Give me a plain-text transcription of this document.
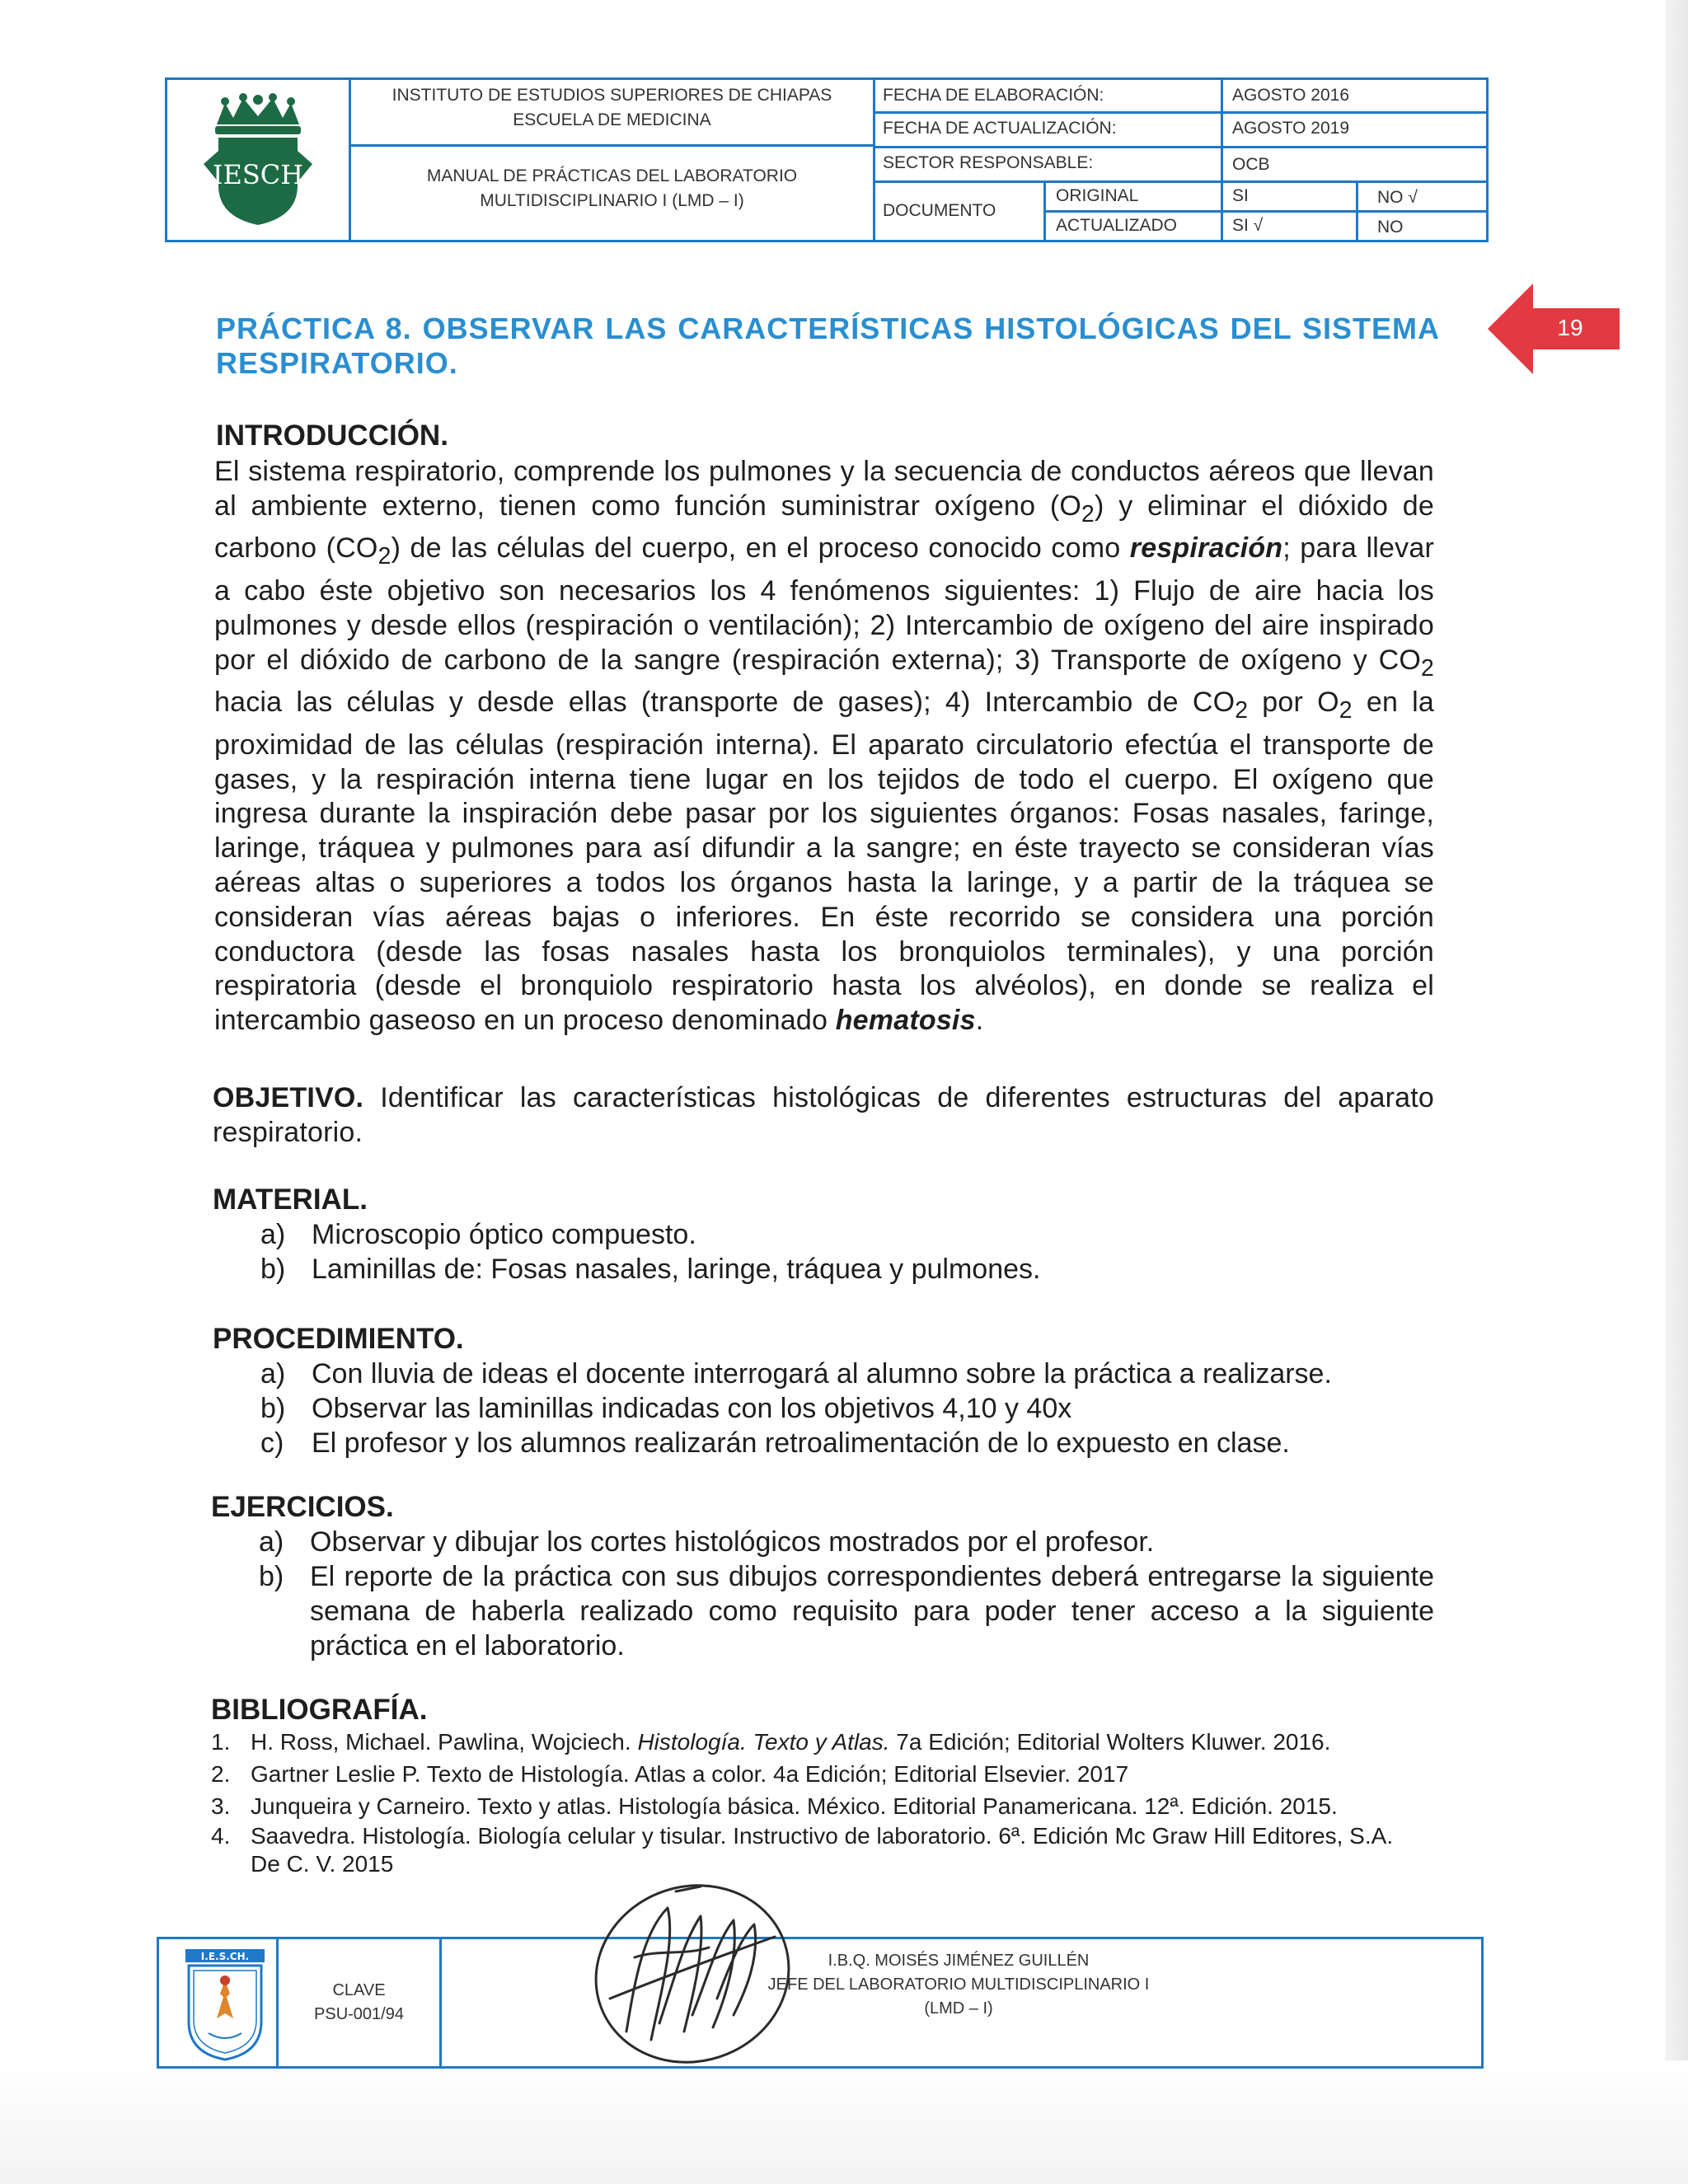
IESCH
INSTITUTO DE ESTUDIOS SUPERIORES DE CHIAPAS
ESCUELA DE MEDICINA
MANUAL DE PRÁCTICAS DEL LABORATORIO
MULTIDISCIPLINARIO I (LMD – I)
FECHA DE ELABORACIÓN:	AGOSTO 2016
FECHA DE ACTUALIZACIÓN:	AGOSTO 2019
SECTOR RESPONSABLE:	OCB
DOCUMENTO
ORIGINAL	SI	NO √
ACTUALIZADO	SI √	NO
19
PRÁCTICA 8. OBSERVAR LAS CARACTERÍSTICAS HISTOLÓGICAS DEL SISTEMA
RESPIRATORIO.
INTRODUCCIÓN.
El sistema respiratorio, comprende los pulmones y la secuencia de conductos aéreos que llevan al ambiente externo, tienen como función suministrar oxígeno $(O_2)$ y eliminar el dióxido de carbono $(CO_2)$ de las células del cuerpo, en el proceso conocido como respiración; para llevar a cabo éste objetivo son necesarios los 4 fenómenos siguientes: 1) Flujo de aire hacia los pulmones y desde ellos (respiración o ventilación); 2) Intercambio de oxígeno del aire inspirado por el dióxido de carbono de la sangre (respiración externa); 3) Transporte de oxígeno y $CO_2$ hacia las células y desde ellas (transporte de gases); 4) Intercambio de $CO_2$ por $O_2$ en la proximidad de las células (respiración interna). El aparato circulatorio efectúa el transporte de gases, y la respiración interna tiene lugar en los tejidos de todo el cuerpo. El oxígeno que ingresa durante la inspiración debe pasar por los siguientes órganos: Fosas nasales, faringe, laringe, tráquea y pulmones para así difundir a la sangre; en éste trayecto se consideran vías aéreas altas o superiores a todos los órganos hasta la laringe, y a partir de la tráquea se consideran vías aéreas bajas o inferiores. En éste recorrido se considera una porción conductora (desde las fosas nasales hasta los bronquiolos terminales), y una porción respiratoria (desde el bronquiolo respiratorio hasta los alvéolos), en donde se realiza el intercambio gaseoso en un proceso denominado hematosis.
OBJETIVO. Identificar las características histológicas de diferentes estructuras del aparato respiratorio.
MATERIAL.
a) Microscopio óptico compuesto.
b) Laminillas de: Fosas nasales, laringe, tráquea y pulmones.
PROCEDIMIENTO.
a) Con lluvia de ideas el docente interrogará al alumno sobre la práctica a realizarse.
b) Observar las laminillas indicadas con los objetivos 4,10 y 40x
c) El profesor y los alumnos realizarán retroalimentación de lo expuesto en clase.
EJERCICIOS.
a) Observar y dibujar los cortes histológicos mostrados por el profesor.
b) El reporte de la práctica con sus dibujos correspondientes deberá entregarse la siguiente semana de haberla realizado como requisito para poder tener acceso a la siguiente práctica en el laboratorio.
BIBLIOGRAFÍA.
1. H. Ross, Michael. Pawlina, Wojciech. Histología. Texto y Atlas. 7a Edición; Editorial Wolters Kluwer. 2016.
2. Gartner Leslie P. Texto de Histología. Atlas a color. 4a Edición; Editorial Elsevier. 2017
3. Junqueira y Carneiro. Texto y atlas. Histología básica. México. Editorial Panamericana. 12ª. Edición. 2015.
4. Saavedra. Histología. Biología celular y tisular. Instructivo de laboratorio. 6ª. Edición Mc Graw Hill Editores, S.A. De C. V. 2015
I.E.S.CH.
CLAVE
PSU-001/94
I.B.Q. MOISÉS JIMÉNEZ GUILLÉN
JEFE DEL LABORATORIO MULTIDISCIPLINARIO I
(LMD – I)
